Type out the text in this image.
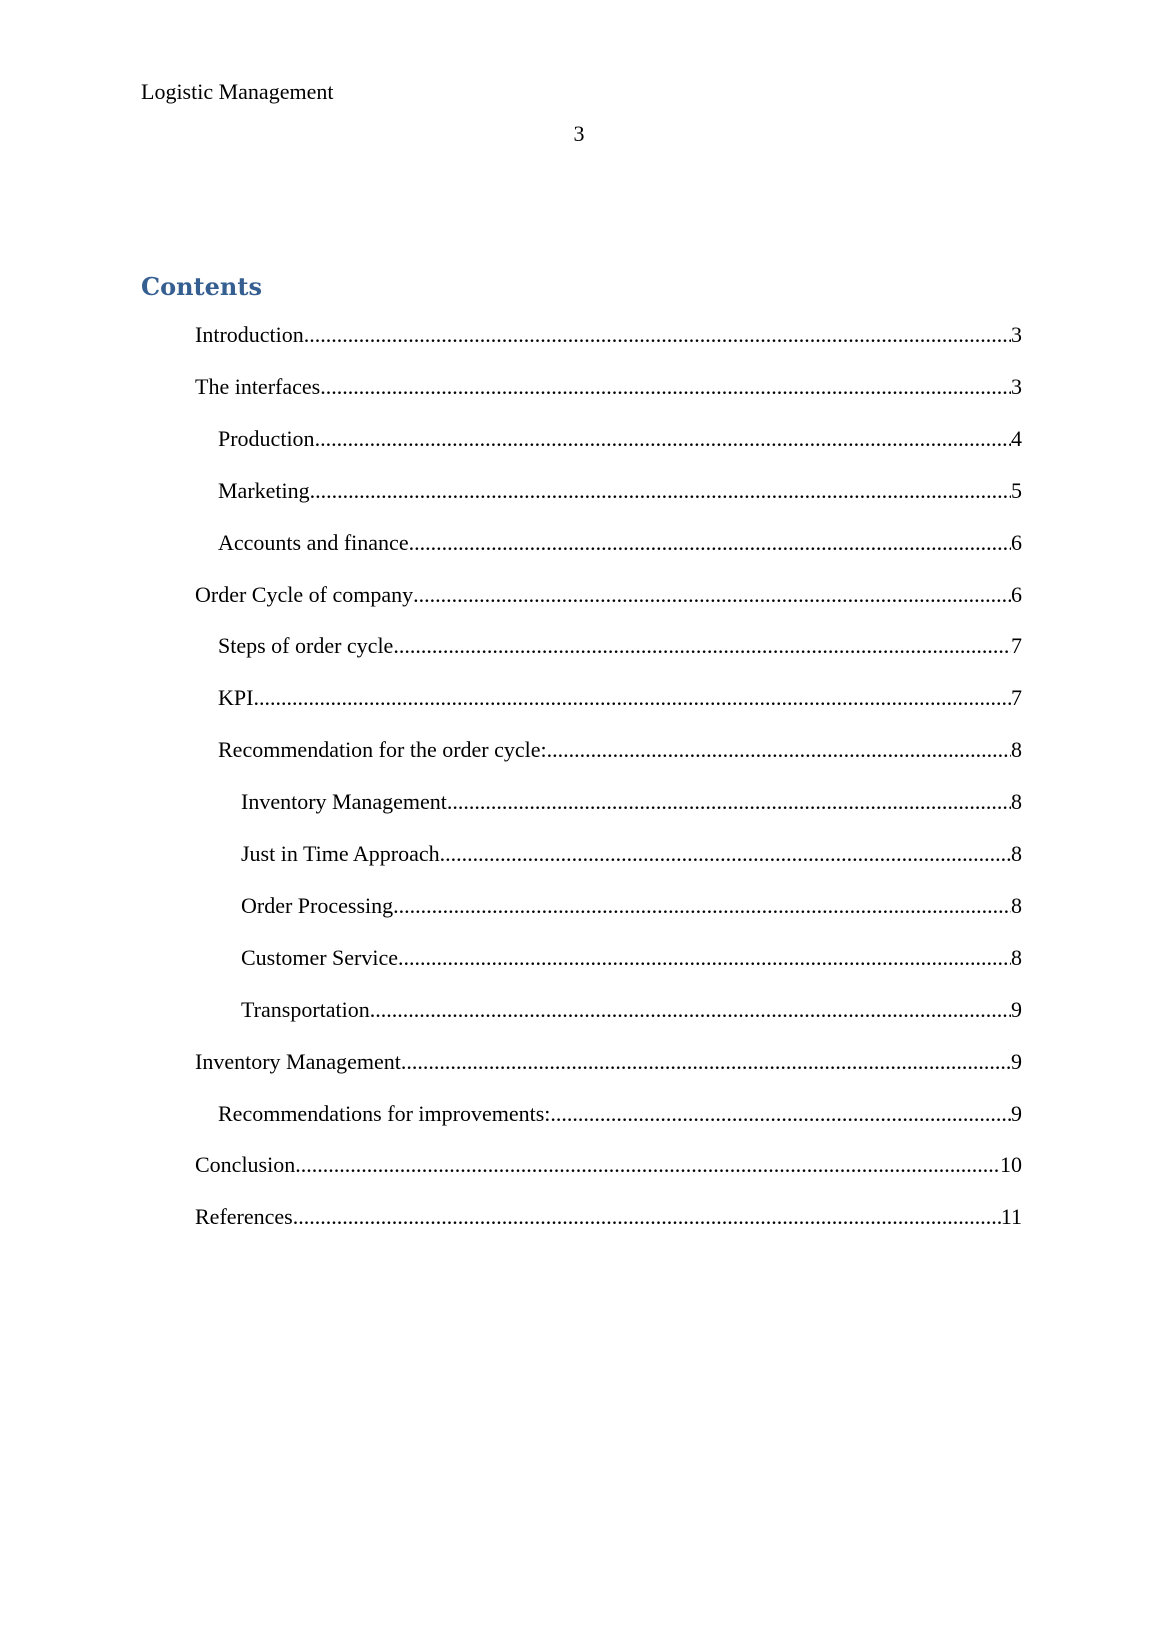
Logistic Management
3
Contents
Introduction .....	3
The interfaces .....	3
Production .....	4
Marketing .....	5
Accounts and finance .....	6
Order Cycle of company .....	6
Steps of order cycle .....	7
KPI .....	7
Recommendation for the order cycle: .....	8
Inventory Management .....	8
Just in Time Approach .....	8
Order Processing .....	8
Customer Service .....	8
Transportation .....	9
Inventory Management .....	9
Recommendations for improvements: .....	9
Conclusion .....	10
References .....	11
